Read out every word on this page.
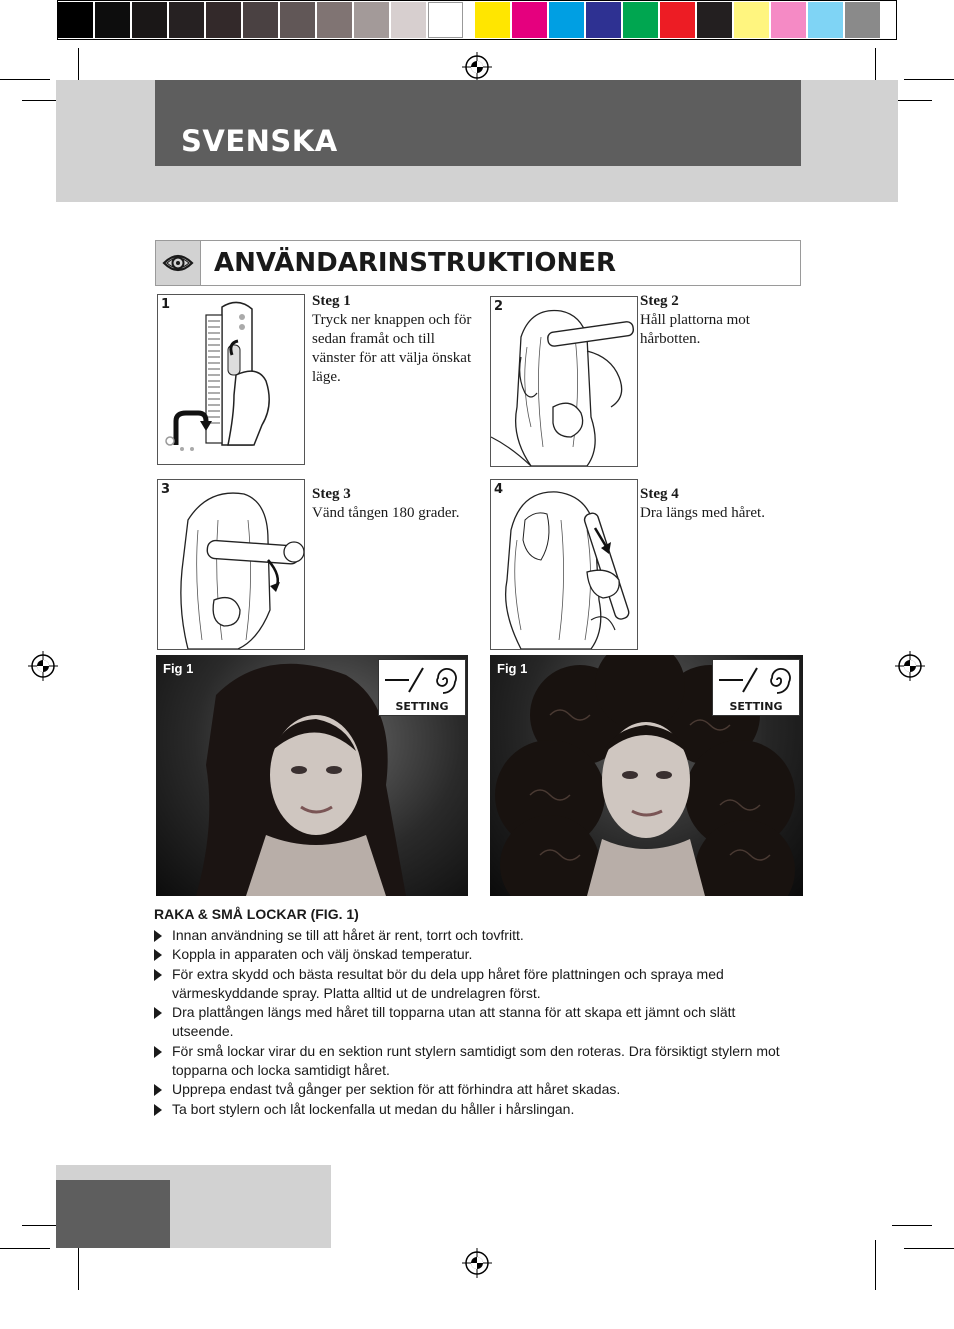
SVENSKA
ANVÄNDARINSTRUKTIONER
1	Steg 1
Tryck ner knappen och för sedan framåt och till vänster för att välja önskat läge.
2	Steg 2
Håll plattorna mot hårbotten.
3	Steg 3
Vänd tången 180 grader.
4	Steg 4
Dra längs med håret.
Fig 1
SETTING
Fig 1
SETTING
RAKA & SMÅ LOCKAR (FIG. 1)
Innan användning se till att håret är rent, torrt och tovfritt.
Koppla in apparaten och välj önskad temperatur.
För extra skydd och bästa resultat bör du dela upp håret före plattningen och spraya med värmeskyddande spray. Platta alltid ut de undrelagren först.
Dra plattången längs med håret till topparna utan att stanna för att skapa ett jämnt och slätt utseende.
För små lockar virar du en sektion runt stylern samtidigt som den roteras. Dra försiktigt stylern mot topparna och locka samtidigt håret.
Upprepa endast två gånger per sektion för att förhindra att håret skadas.
Ta bort stylern och låt lockenfalla ut medan du håller i hårslingan.
